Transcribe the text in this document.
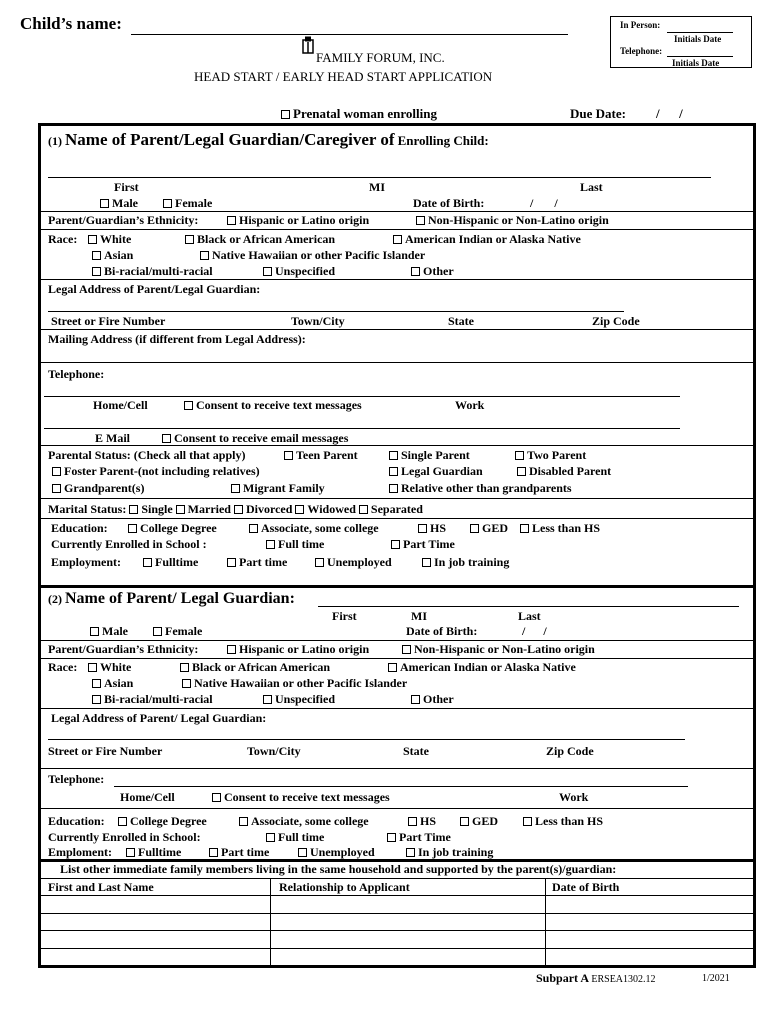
Child’s name:	In Person:
Initials Date
Telephone:
Initials Date
FAMILY FORUM, INC.
HEAD START / EARLY HEAD START APPLICATION
Prenatal woman enrolling	Due Date: /      /
(1) Name of Parent/Legal Guardian/Caregiver of Enrolling Child:
First	MI	Last
Male	Female	Date of Birth:	/       /
Parent/Guardian’s Ethnicity:	Hispanic or Latino origin	Non-Hispanic or Non-Latino origin
Race:	White	Black or African American	American Indian or Alaska Native
Asian	Native Hawaiian or other Pacific Islander
Bi-racial/multi-racial	Unspecified	Other
Legal Address of Parent/Legal Guardian:
Street or Fire Number	Town/City	State	Zip Code
Mailing Address (if different from Legal Address):
Telephone:
Home/Cell	Consent to receive text messages	Work
E Mail	Consent to receive email messages
Parental Status: (Check all that apply)	Teen Parent	Single Parent	Two Parent
Foster Parent-(not including relatives)	Legal Guardian	Disabled Parent
Grandparent(s)	Migrant Family	Relative other than grandparents
Marital Status: Single Married Divorced Widowed Separated
Education:	College Degree	Associate, some college	HS	GED	Less than HS
Currently Enrolled in School :	Full time	Part Time
Employment:	Fulltime	Part time	Unemployed	In job training
(2) Name of Parent/ Legal Guardian:
First	MI	Last
Male	Female	Date of Birth:	/      /
Parent/Guardian’s Ethnicity:	Hispanic or Latino origin	Non-Hispanic or Non-Latino origin
Race:	White	Black or African American	American Indian or Alaska Native
Asian	Native Hawaiian or other Pacific Islander
Bi-racial/multi-racial	Unspecified	Other
Legal Address of Parent/ Legal Guardian:
Street or Fire Number	Town/City	State	Zip Code
Telephone:
Home/Cell	Consent to receive text messages	Work
Education:	College Degree	Associate, some college	HS	GED	Less than HS
Currently Enrolled in School:	Full time	Part Time
Emploment:	Fulltime	Part time	Unemployed	In job training
List other immediate family members living in the same household and supported by the parent(s)/guardian:
First and Last Name	Relationship to Applicant	Date of Birth
Subpart A ERSEA1302.12	1/2021
